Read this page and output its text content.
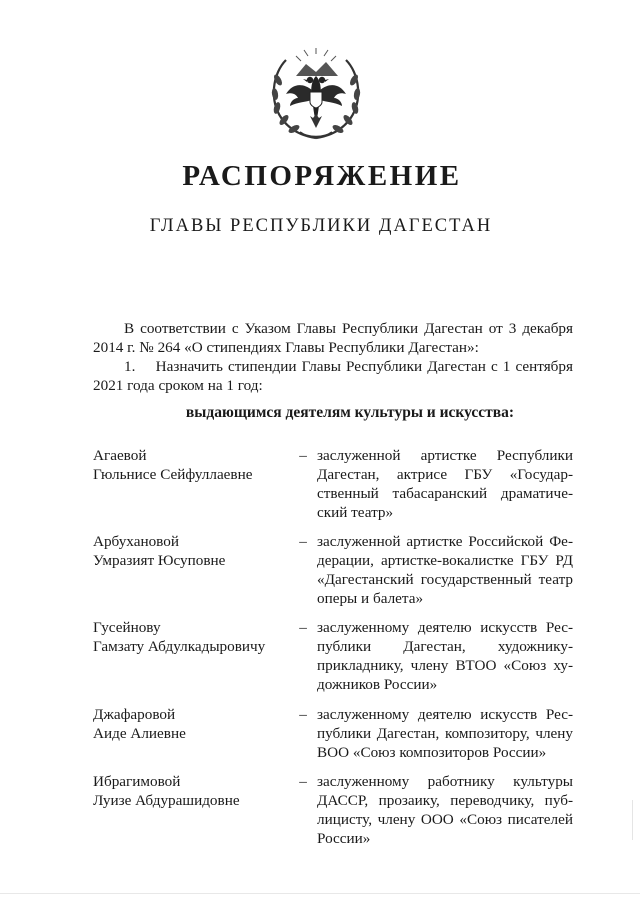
РАСПОРЯЖЕНИЕ
ГЛАВЫ РЕСПУБЛИКИ ДАГЕСТАН
В соответствии с Указом Главы Республики Дагестан от 3 декабря 2014 г. № 264 «О стипендиях Главы Республики Дагестан»:
1.    Назначить стипендии Главы Республики Дагестан с 1 сентября 2021 года сроком на 1 год:
выдающимся деятелям культуры и искусства:
Агаевой
Гюльнисе Сейфуллаевне
– заслуженной артистке Республики Дагестан, актрисе ГБУ «Государственный табасаранский драматический театр»
Арбухановой
Умразият Юсуповне
– заслуженной артистке Российской Федерации, артистке-вокалистке ГБУ РД «Дагестанский государственный театр оперы и балета»
Гусейнову
Гамзату Абдулкадыровичу
– заслуженному деятелю искусств Республики Дагестан, художнику-прикладнику, члену ВТОО «Союз художников России»
Джафаровой
Аиде Алиевне
– заслуженному деятелю искусств Республики Дагестан, композитору, члену ВОО «Союз композиторов России»
Ибрагимовой
Луизе Абдурашидовне
– заслуженному работнику культуры ДАССР, прозаику, переводчику, публицисту, члену ООО «Союз писателей России»
